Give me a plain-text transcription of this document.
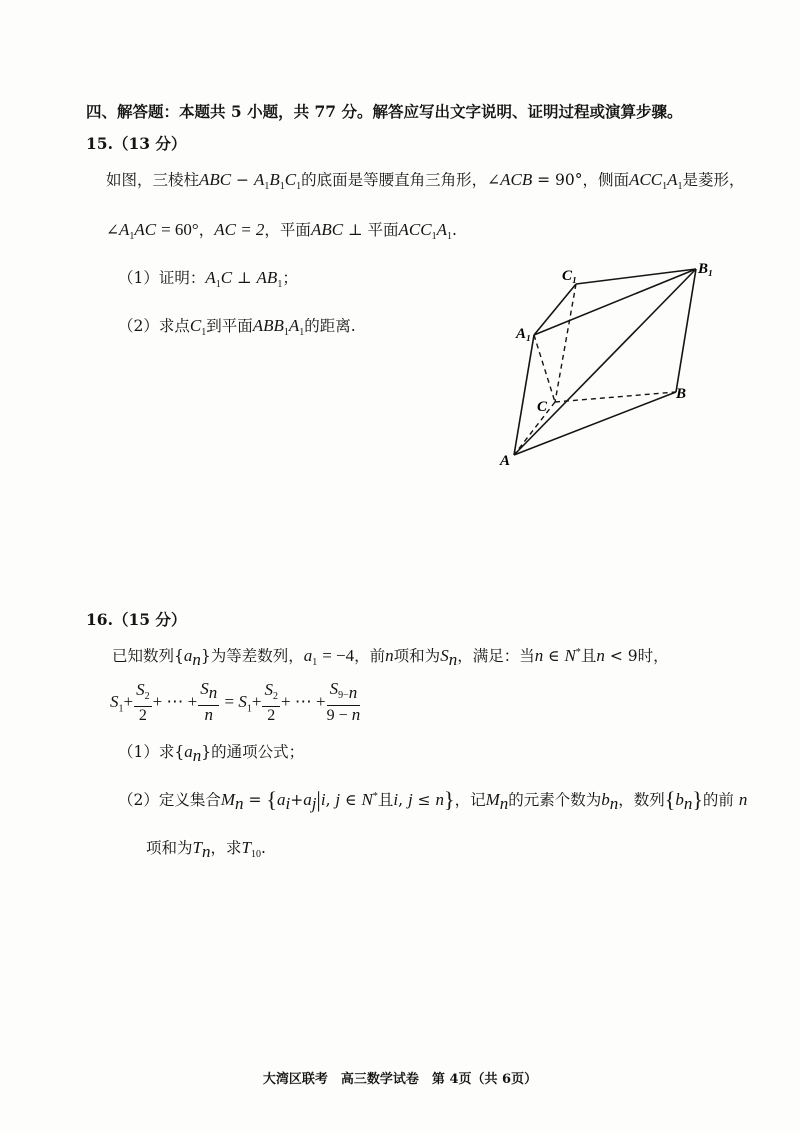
四、解答题：本题共 5 小题，共 77 分。解答应写出文字说明、证明过程或演算步骤。
15.（13 分）
如图，三棱柱ABC − $A_1B_1C_1$的底面是等腰直角三角形，∠ACB = 90°，侧面$ACC_1A_1$是菱形，
$\angle A_1AC = 60^\circ$，AC = 2，平面ABC ⊥ 平面$ACC_1A_1$.
（1）证明：$A_1C$ ⊥ $AB_1$；
（2）求点$C_1$到平面$ABB_1A_1$的距离.
C₁	B₁
A₁
C
B
A
16.（15 分）
已知数列$\{a_n\}$为等差数列，$a_1 = -4$，前n项和为$S_n$，满足：当n ∈ N*且n < 9时，
$S_1+ \frac{S_2}{2}$ + ⋯ + $\frac{S_n}{n} = S_1+ \frac{S_2}{2}$ + ⋯ + $\frac{S_{9-n}}{9 - n}$
（1）求$\{a_n\}$的通项公式；
（2）定义集合$M_n = \{a_i+a_j|i$, j ∈ N*且i, j ≤ n}，记$M_n$的元素个数为$b_n$，数列$\{b_n\}$的前 n
项和为$T_n$，求$T_{10}$.
大湾区联考　高三数学试卷　第 4页（共 6页）
